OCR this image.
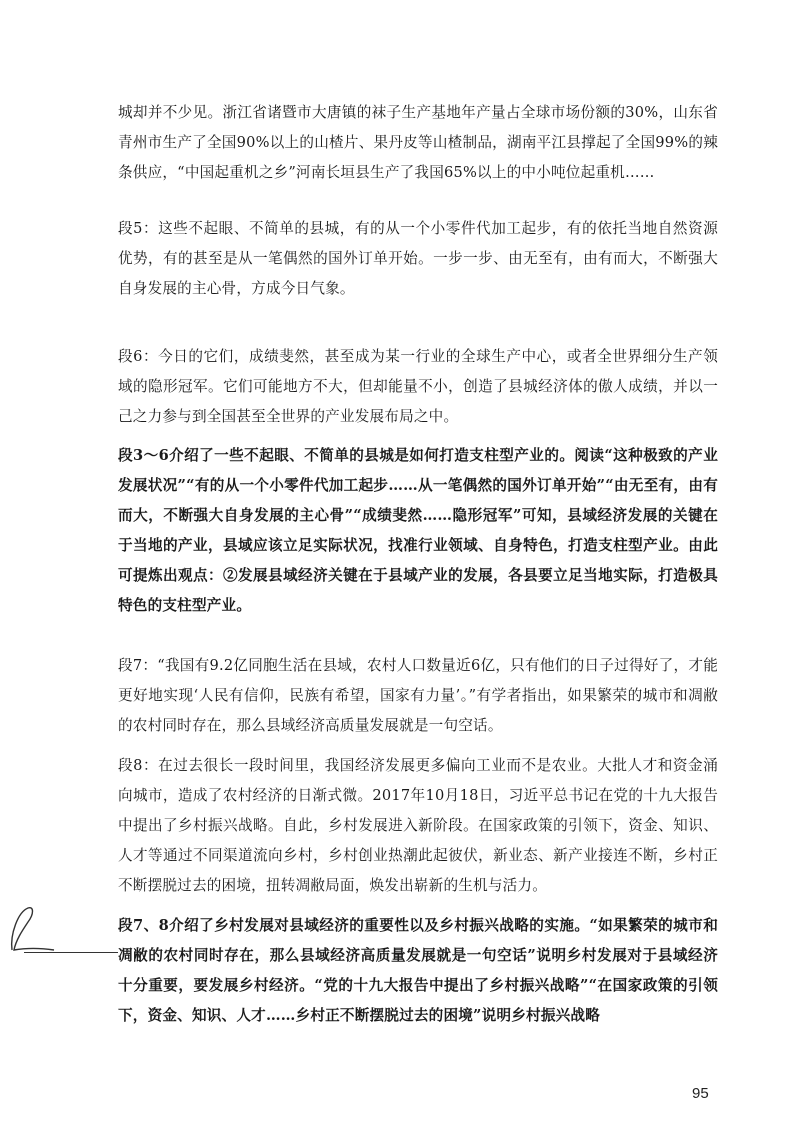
城却并不少见。浙江省诸暨市大唐镇的袜子生产基地年产量占全球市场份额的30%，山东省青州市生产了全国90%以上的山楂片、果丹皮等山楂制品，湖南平江县撑起了全国99%的辣条供应，“中国起重机之乡”河南长垣县生产了我国65%以上的中小吨位起重机……

段5：这些不起眼、不简单的县城，有的从一个小零件代加工起步，有的依托当地自然资源优势，有的甚至是从一笔偶然的国外订单开始。一步一步、由无至有，由有而大，不断强大自身发展的主心骨，方成今日气象。

段6：今日的它们，成绩斐然，甚至成为某一行业的全球生产中心，或者全世界细分生产领域的隐形冠军。它们可能地方不大，但却能量不小，创造了县城经济体的傲人成绩，并以一己之力参与到全国甚至全世界的产业发展布局之中。

段3～6介绍了一些不起眼、不简单的县城是如何打造支柱型产业的。阅读“这种极致的产业发展状况”“有的从一个小零件代加工起步……从一笔偶然的国外订单开始”“由无至有，由有而大，不断强大自身发展的主心骨”“成绩斐然……隐形冠军”可知，县域经济发展的关键在于当地的产业，县域应该立足实际状况，找准行业领域、自身特色，打造支柱型产业。由此可提炼出观点：②发展县域经济关键在于县域产业的发展，各县要立足当地实际，打造极具特色的支柱型产业。

段7：“我国有9.2亿同胞生活在县域，农村人口数量近6亿，只有他们的日子过得好了，才能更好地实现‘人民有信仰，民族有希望，国家有力量’。”有学者指出，如果繁荣的城市和凋敝的农村同时存在，那么县域经济高质量发展就是一句空话。

段8：在过去很长一段时间里，我国经济发展更多偏向工业而不是农业。大批人才和资金涌向城市，造成了农村经济的日渐式微。2017年10月18日，习近平总书记在党的十九大报告中提出了乡村振兴战略。自此，乡村发展进入新阶段。在国家政策的引领下，资金、知识、人才等通过不同渠道流向乡村，乡村创业热潮此起彼伏，新业态、新产业接连不断，乡村正不断摆脱过去的困境，扭转凋敝局面，焕发出崭新的生机与活力。

段7、8介绍了乡村发展对县域经济的重要性以及乡村振兴战略的实施。“如果繁荣的城市和凋敝的农村同时存在，那么县域经济高质量发展就是一句空话”说明乡村发展对于县域经济十分重要，要发展乡村经济。“党的十九大报告中提出了乡村振兴战略”“在国家政策的引领下，资金、知识、人才……乡村正不断摆脱过去的困境”说明乡村振兴战略

95
